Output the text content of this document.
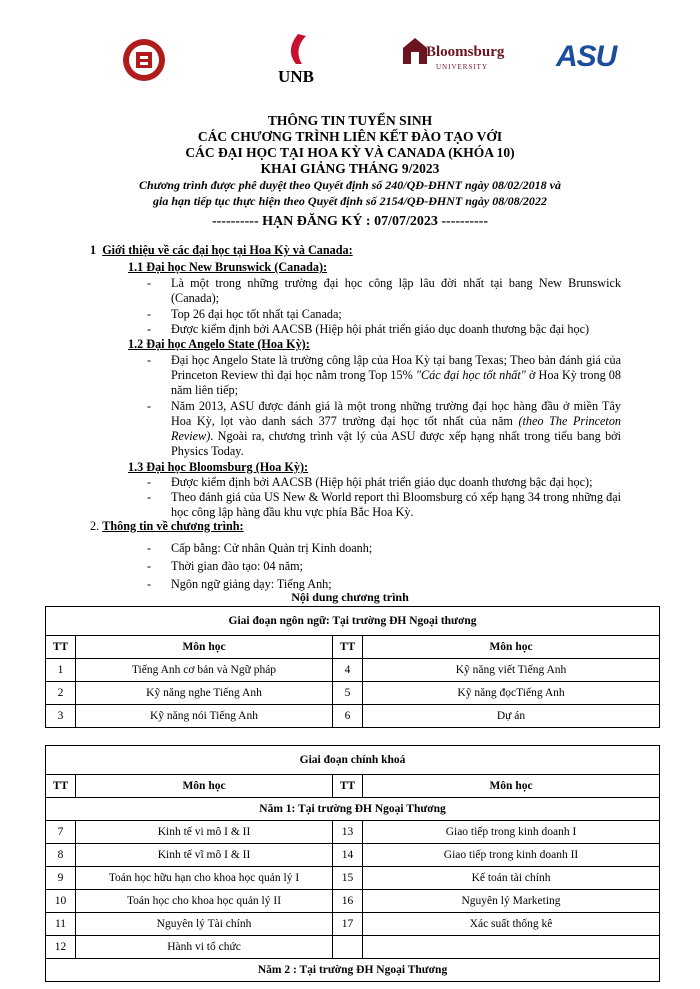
UNB
Bloomsburg
UNIVERSITY ASU
THÔNG TIN TUYỂN SINH
CÁC CHƯƠNG TRÌNH LIÊN KẾT ĐÀO TẠO VỚI
CÁC ĐẠI HỌC TẠI HOA KỲ VÀ CANADA (KHÓA 10)
KHAI GIẢNG THÁNG 9/2023
Chương trình được phê duyệt theo Quyết định số 240/QĐ-ĐHNT ngày 08/02/2018 và
gia hạn tiếp tục thực hiện theo Quyết định số 2154/QĐ-ĐHNT ngày 08/08/2022
---------- HẠN ĐĂNG KÝ : 07/07/2023 ----------
1 Giới thiệu về các đại học tại Hoa Kỳ và Canada:
1.1 Đại học New Brunswick (Canada):
- Là một trong những trường đại học công lập lâu đời nhất tại bang New Brunswick (Canada);
- Top 26 đại học tốt nhất tại Canada;
- Được kiểm định bởi AACSB (Hiệp hội phát triển giáo dục doanh thương bậc đại học)
1.2 Đại học Angelo State (Hoa Kỳ):
- Đại học Angelo State là trường công lập của Hoa Kỳ tại bang Texas; Theo bản đánh giá của Princeton Review thì đại học nằm trong Top 15% "Các đại học tốt nhất" ở Hoa Kỳ trong 08 năm liên tiếp;
- Năm 2013, ASU được đánh giá là một trong những trường đại học hàng đầu ở miền Tây Hoa Kỳ, lọt vào danh sách 377 trường đại học tốt nhất của năm (theo The Princeton Review). Ngoài ra, chương trình vật lý của ASU được xếp hạng nhất trong tiểu bang bởi Physics Today.
1.3 Đại học Bloomsburg (Hoa Kỳ):
- Được kiểm định bởi AACSB (Hiệp hội phát triển giáo dục doanh thương bậc đại học);
- Theo đánh giá của US New & World report thì Bloomsburg có xếp hạng 34 trong những đại học công lập hàng đầu khu vực phía Bắc Hoa Kỳ.
2. Thông tin về chương trình:
- Cấp bằng: Cử nhân Quản trị Kinh doanh;
- Thời gian đào tạo: 04 năm;
- Ngôn ngữ giảng dạy: Tiếng Anh;
Nội dung chương trình
Giai đoạn ngôn ngữ: Tại trường ĐH Ngoại thương			
TT	Môn học	TT	Môn học
1	Tiếng Anh cơ bản và Ngữ pháp	4	Kỹ năng viết Tiếng Anh
2	Kỹ năng nghe Tiếng Anh	5	Kỹ năng đọcTiếng Anh
3	Kỹ năng nói Tiếng Anh	6	Dự án
Giai đoạn chính khoá			
TT	Môn học	TT	Môn học
Năm 1: Tại trường ĐH Ngoại Thương			
7	Kinh tế vi mô I & II	13	Giao tiếp trong kinh doanh I
8	Kinh tế vĩ mô I & II	14	Giao tiếp trong kinh doanh II
9	Toán học hữu hạn cho khoa học quản lý I	15	Kế toán tài chính
10	Toán học cho khoa học quản lý II	16	Nguyên lý Marketing
11	Nguyên lý Tài chính	17	Xác suất thống kê
12	Hành vi tổ chức		
Năm 2 : Tại trường ĐH Ngoại Thương			
